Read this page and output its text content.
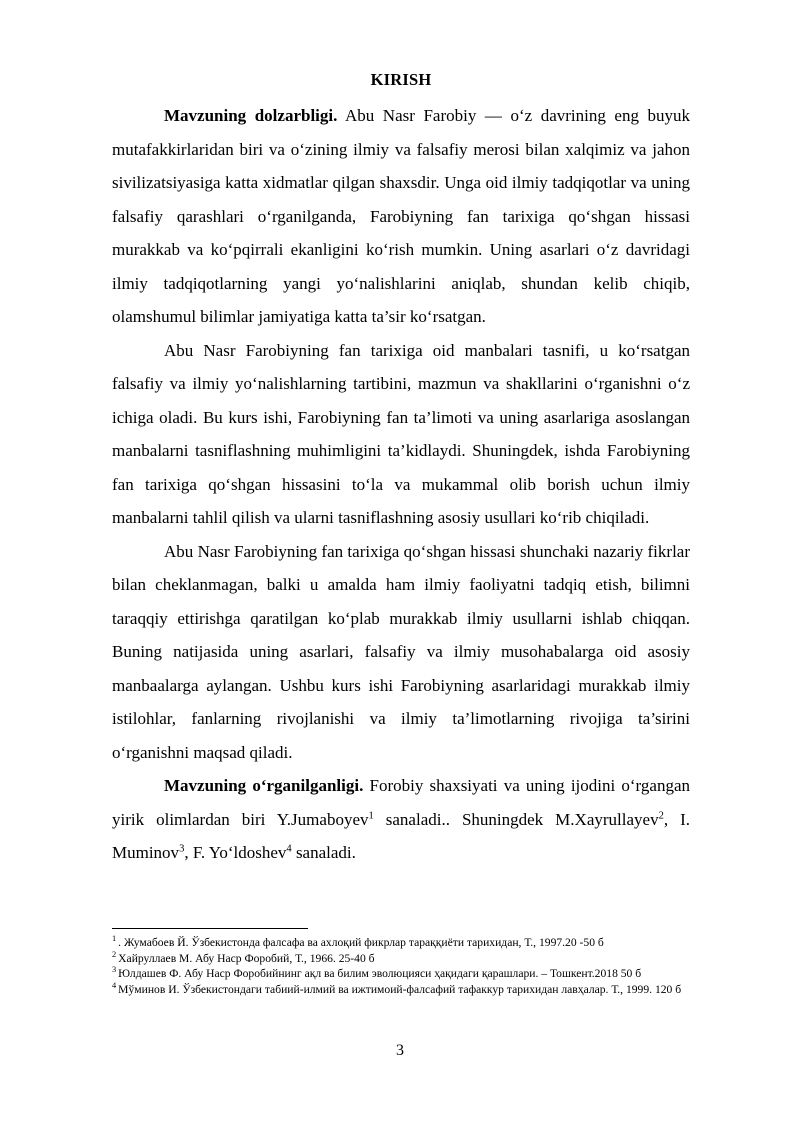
KIRISH

Mavzuning dolzarbligi. Abu Nasr Farobiy — o‘z davrining eng buyuk mutafakkirlaridan biri va o‘zining ilmiy va falsafiy merosi bilan xalqimiz va jahon sivilizatsiyasiga katta xidmatlar qilgan shaxsdir. Unga oid ilmiy tadqiqotlar va uning falsafiy qarashlari o‘rganilganda, Farobiyning fan tarixiga qo‘shgan hissasi murakkab va ko‘pqirrali ekanligini ko‘rish mumkin. Uning asarlari o‘z davridagi ilmiy tadqiqotlarning yangi yo‘nalishlarini aniqlab, shundan kelib chiqib, olamshumul bilimlar jamiyatiga katta ta’sir ko‘rsatgan.

Abu Nasr Farobiyning fan tarixiga oid manbalari tasnifi, u ko‘rsatgan falsafiy va ilmiy yo‘nalishlarning tartibini, mazmun va shakllarini o‘rganishni o‘z ichiga oladi. Bu kurs ishi, Farobiyning fan ta’limoti va uning asarlariga asoslangan manbalarni tasniflashning muhimligini ta’kidlaydi. Shuningdek, ishda Farobiyning fan tarixiga qo‘shgan hissasini to‘la va mukammal olib borish uchun ilmiy manbalarni tahlil qilish va ularni tasniflashning asosiy usullari ko‘rib chiqiladi.

Abu Nasr Farobiyning fan tarixiga qo‘shgan hissasi shunchaki nazariy fikrlar bilan cheklanmagan, balki u amalda ham ilmiy faoliyatni tadqiq etish, bilimni taraqqiy ettirishga qaratilgan ko‘plab murakkab ilmiy usullarni ishlab chiqqan. Buning natijasida uning asarlari, falsafiy va ilmiy musohabalarga oid asosiy manbaalarga aylangan. Ushbu kurs ishi Farobiyning asarlaridagi murakkab ilmiy istilohlar, fanlarning rivojlanishi va ilmiy ta’limotlarning rivojiga ta’sirini o‘rganishni maqsad qiladi.

Mavzuning o‘rganilganligi. Forobiy shaxsiyati va uning ijodini o‘rgangan yirik olimlardan biri Y.Jumaboyev$^1$ sanaladi.. Shuningdek M.Xayrullayev$^2$, I. Muminov$^3$, F. Yo‘ldoshev$^4$ sanaladi.

$^1$ . Жумабоев Й. Ўзбекистонда фалсафа ва ахлоқий фикрлар тараққиёти тарихидан, Т., 1997.20 -50 б

$^2$ Хайруллаев М. Абу Наср Форобий, Т., 1966. 25-40 б

$^3$ Юлдашев Ф. Абу Наср Форобийнинг ақл ва билим эволюцияси ҳақидаги қарашлари. – Тошкент.2018 50 б

$^4$ Мўминов И. Ўзбекистондаги табиий-илмий ва ижтимоий-фалсафий тафаккур тарихидан лавҳалар. Т., 1999. 120 б

3
